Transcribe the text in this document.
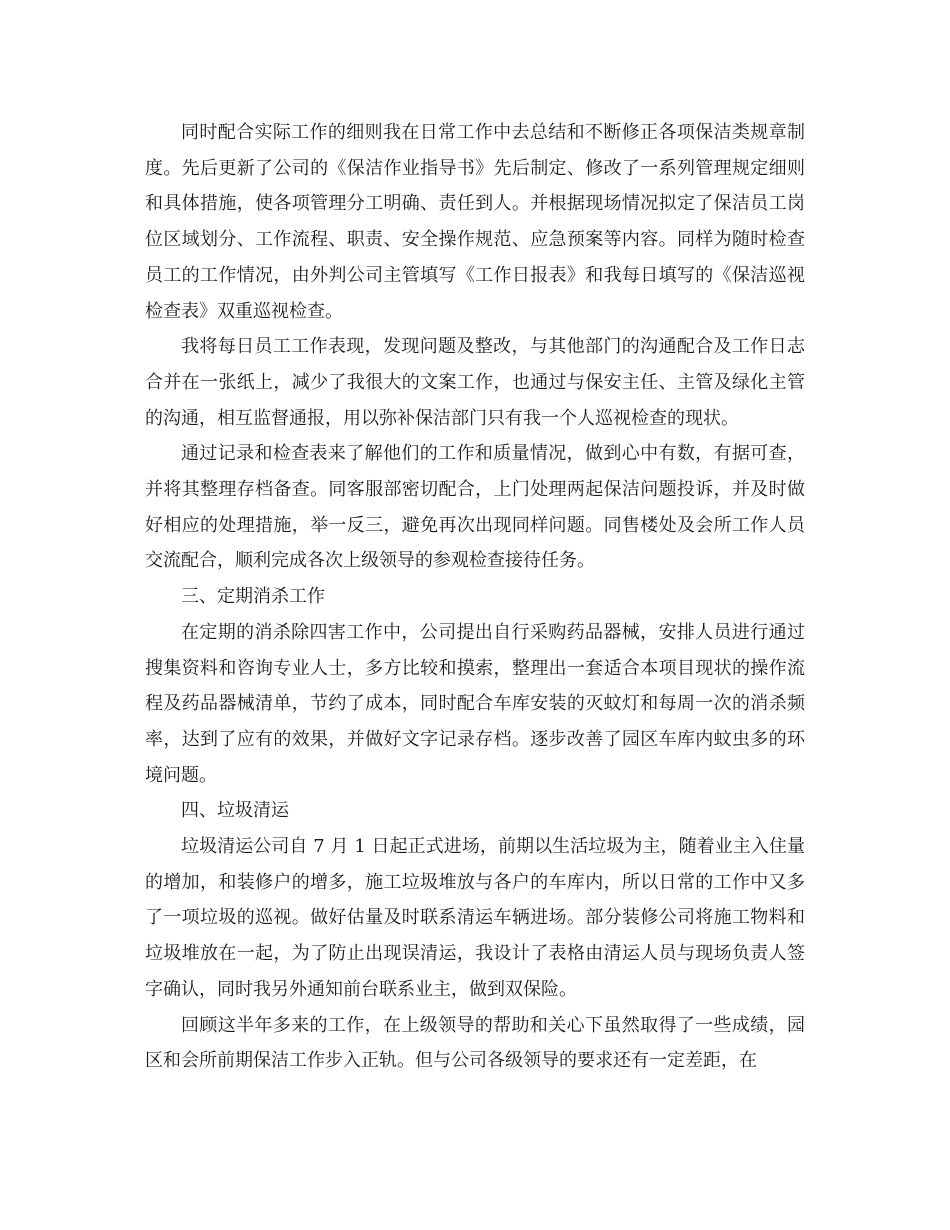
同时配合实际工作的细则我在日常工作中去总结和不断修正各项保洁类规章制度。先后更新了公司的《保洁作业指导书》先后制定、修改了一系列管理规定细则和具体措施，使各项管理分工明确、责任到人。并根据现场情况拟定了保洁员工岗位区域划分、工作流程、职责、安全操作规范、应急预案等内容。同样为随时检查员工的工作情况，由外判公司主管填写《工作日报表》和我每日填写的《保洁巡视检查表》双重巡视检查。

我将每日员工工作表现，发现问题及整改，与其他部门的沟通配合及工作日志合并在一张纸上，减少了我很大的文案工作，也通过与保安主任、主管及绿化主管的沟通，相互监督通报，用以弥补保洁部门只有我一个人巡视检查的现状。

通过记录和检查表来了解他们的工作和质量情况，做到心中有数，有据可查，并将其整理存档备查。同客服部密切配合，上门处理两起保洁问题投诉，并及时做好相应的处理措施，举一反三，避免再次出现同样问题。同售楼处及会所工作人员交流配合，顺利完成各次上级领导的参观检查接待任务。

三、定期消杀工作

在定期的消杀除四害工作中，公司提出自行采购药品器械，安排人员进行通过搜集资料和咨询专业人士，多方比较和摸索，整理出一套适合本项目现状的操作流程及药品器械清单，节约了成本，同时配合车库安装的灭蚊灯和每周一次的消杀频率，达到了应有的效果，并做好文字记录存档。逐步改善了园区车库内蚊虫多的环境问题。

四、垃圾清运

垃圾清运公司自 7 月 1 日起正式进场，前期以生活垃圾为主，随着业主入住量的增加，和装修户的增多，施工垃圾堆放与各户的车库内，所以日常的工作中又多了一项垃圾的巡视。做好估量及时联系清运车辆进场。部分装修公司将施工物料和垃圾堆放在一起，为了防止出现误清运，我设计了表格由清运人员与现场负责人签字确认，同时我另外通知前台联系业主，做到双保险。

回顾这半年多来的工作，在上级领导的帮助和关心下虽然取得了一些成绩，园区和会所前期保洁工作步入正轨。但与公司各级领导的要求还有一定差距，在
